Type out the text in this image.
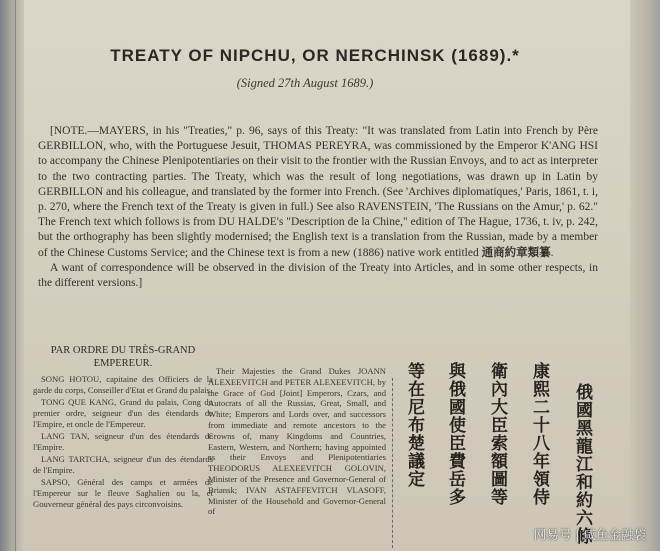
TREATY OF NIPCHU, OR NERCHINSK (1689).*
(Signed 27th August 1689.)

[NOTE.—MAYERS, in his "Treaties," p. 96, says of this Treaty: "It was translated from Latin into French by Père GERBILLON, who, with the Portuguese Jesuit, THOMAS PEREYRA, was commissioned by the Emperor K'ANG HSI to accompany the Chinese Plenipotentiaries on their visit to the frontier with the Russian Envoys, and to act as interpreter to the two contracting parties. The Treaty, which was the result of long negotiations, was drawn up in Latin by GERBILLON and his colleague, and translated by the former into French. (See 'Archives diplomatiques,' Paris, 1861, t. i, p. 270, where the French text of the Treaty is given in full.) See also RAVENSTEIN, 'The Russians on the Amur,' p. 62." The French text which follows is from DU HALDE's "Description de la Chine," edition of The Hague, 1736, t. iv, p. 242, but the orthography has been slightly modernised; the English text is a translation from the Russian, made by a member of the Chinese Customs Service; and the Chinese text is from a new (1886) native work entitled 通商約章類纂.

A want of correspondence will be observed in the division of the Treaty into Articles, and in some other respects, in the different versions.]

PAR ORDRE DU TRÈS-GRAND
EMPEREUR.

SONG HOTOU, capitaine des Officiers de la garde du corps, Conseiller d'Etat et Grand du palais.

TONG QUE KANG, Grand du palais, Cong du premier ordre, seigneur d'un des étendards de l'Empire, et oncle de l'Empereur.

LANG TAN, seigneur d'un des étendards de l'Empire.

LANG TARTCHA, seigneur d'un des étendards de l'Empire.

SAPSO, Général des camps et armées de l'Empereur sur le fleuve Saghalien ou la, et Gouverneur général des pays circonvoisins.

Their Majesties the Grand Dukes JOANN ALEXEEVITCH and PETER ALEXEEVITCH, by the Grace of God [Joint] Emperors, Czars, and Autocrats of all the Russias, Great, Small, and White; Emperors and Lords over, and successors from immediate and remote ancestors to the Crowns of, many Kingdoms and Countries, Eastern, Western, and Northern; having appointed as their Envoys and Plenipotentiaries THEODORUS ALEXEEVITCH GOLOVIN, Minister of the Presence and Governor-General of Briansk; IVAN ASTAFFEVITCH VLASOFF, Minister of the Household and Governor-General of	俄國黑龍江和約六條
康熙二十八年領侍
衛內大臣索額圖等
與俄國使臣費岳多
等在尼布楚議定
网易号 | 咸鱼金融袋
